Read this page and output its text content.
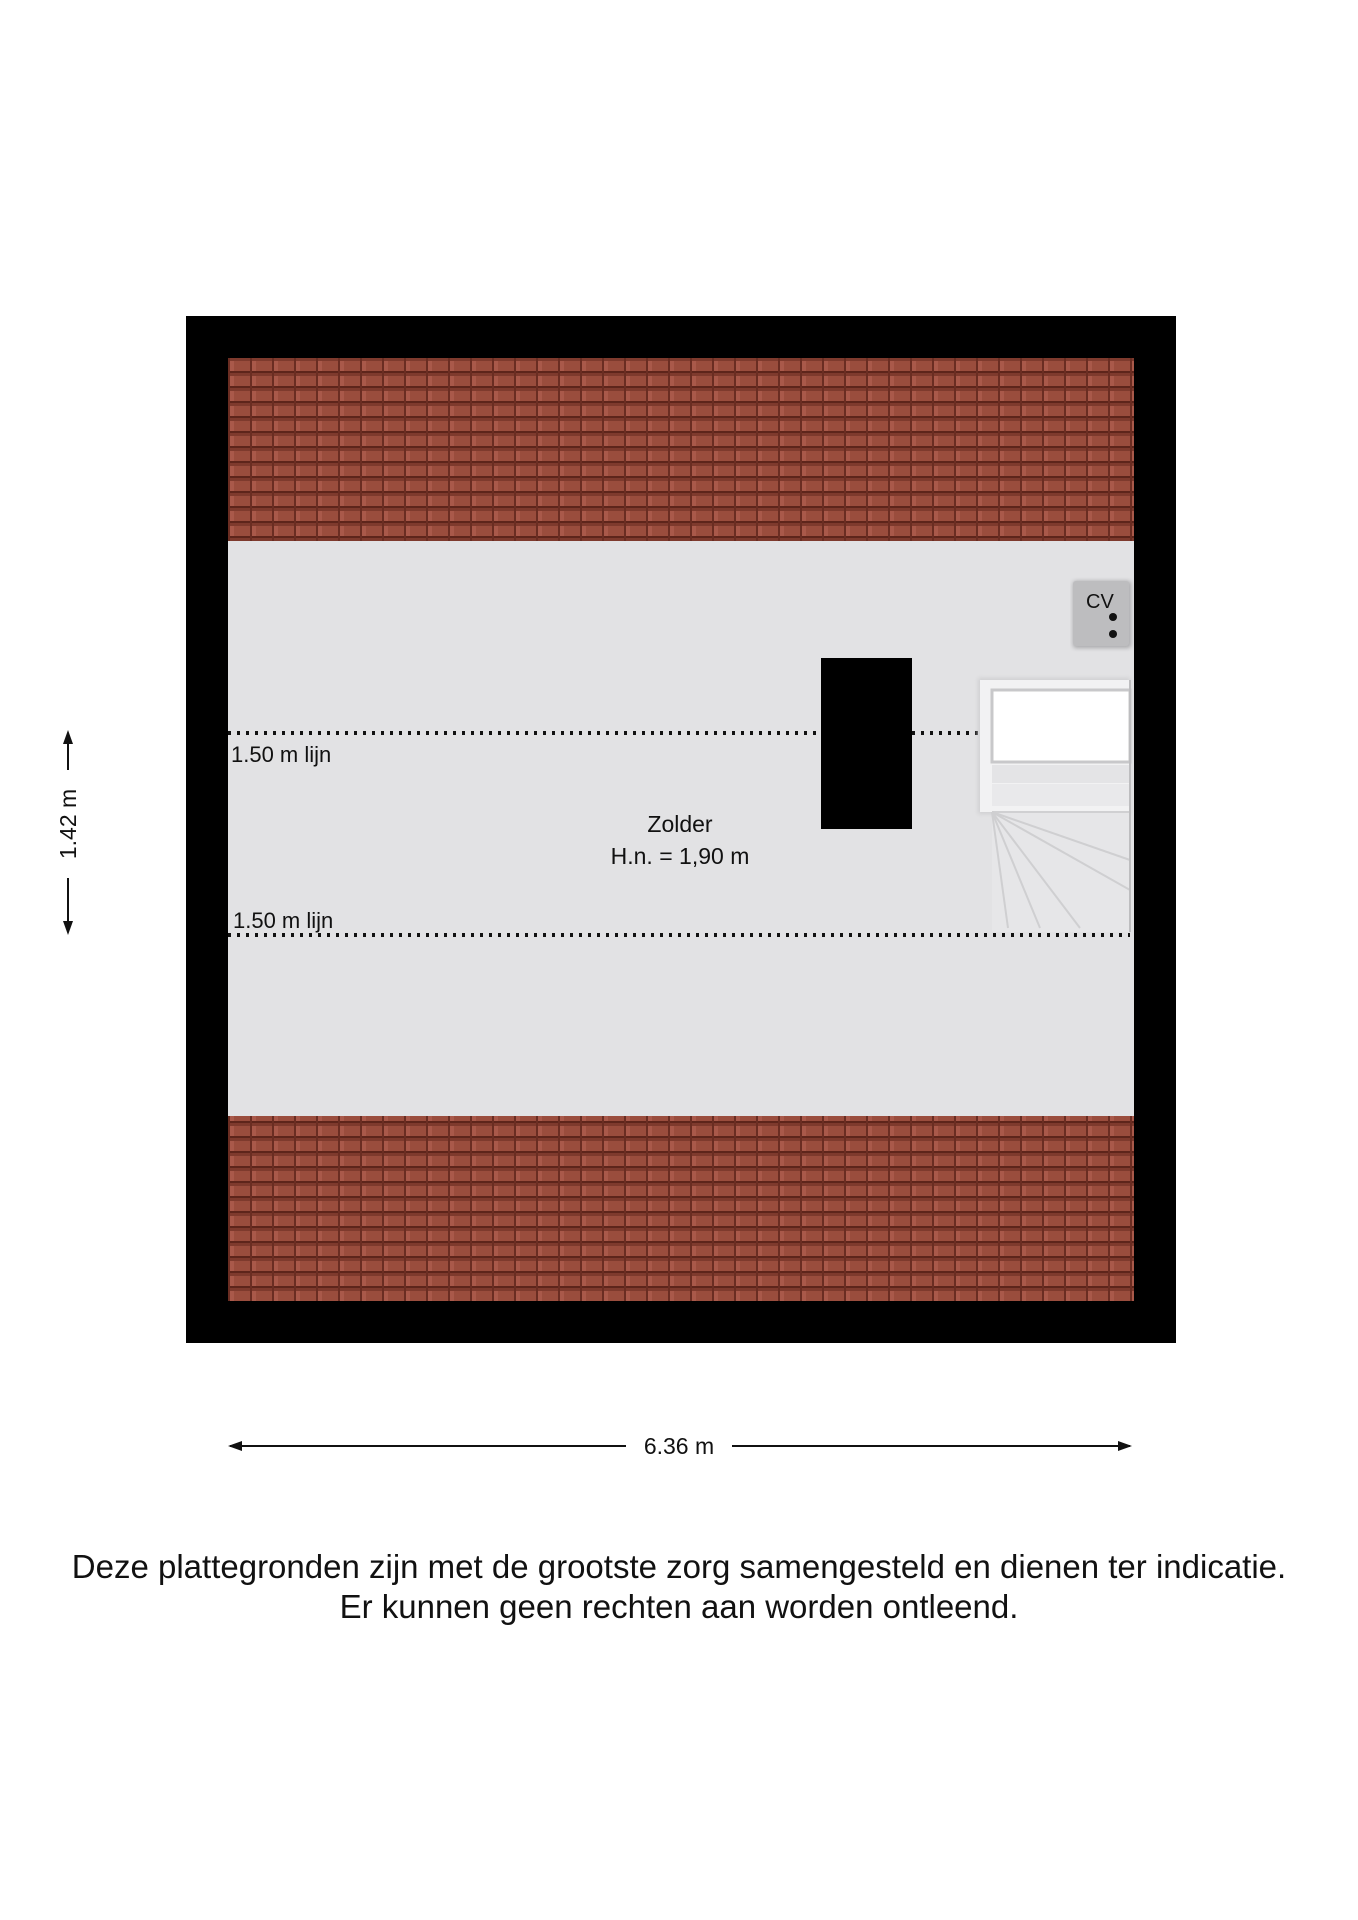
Zolder
H.n. = 1,90 m
1.50 m lijn
1.50 m lijn
CV
1.42 m
6.36 m
Deze plattegronden zijn met de grootste zorg samengesteld en dienen ter indicatie.
Er kunnen geen rechten aan worden ontleend.
